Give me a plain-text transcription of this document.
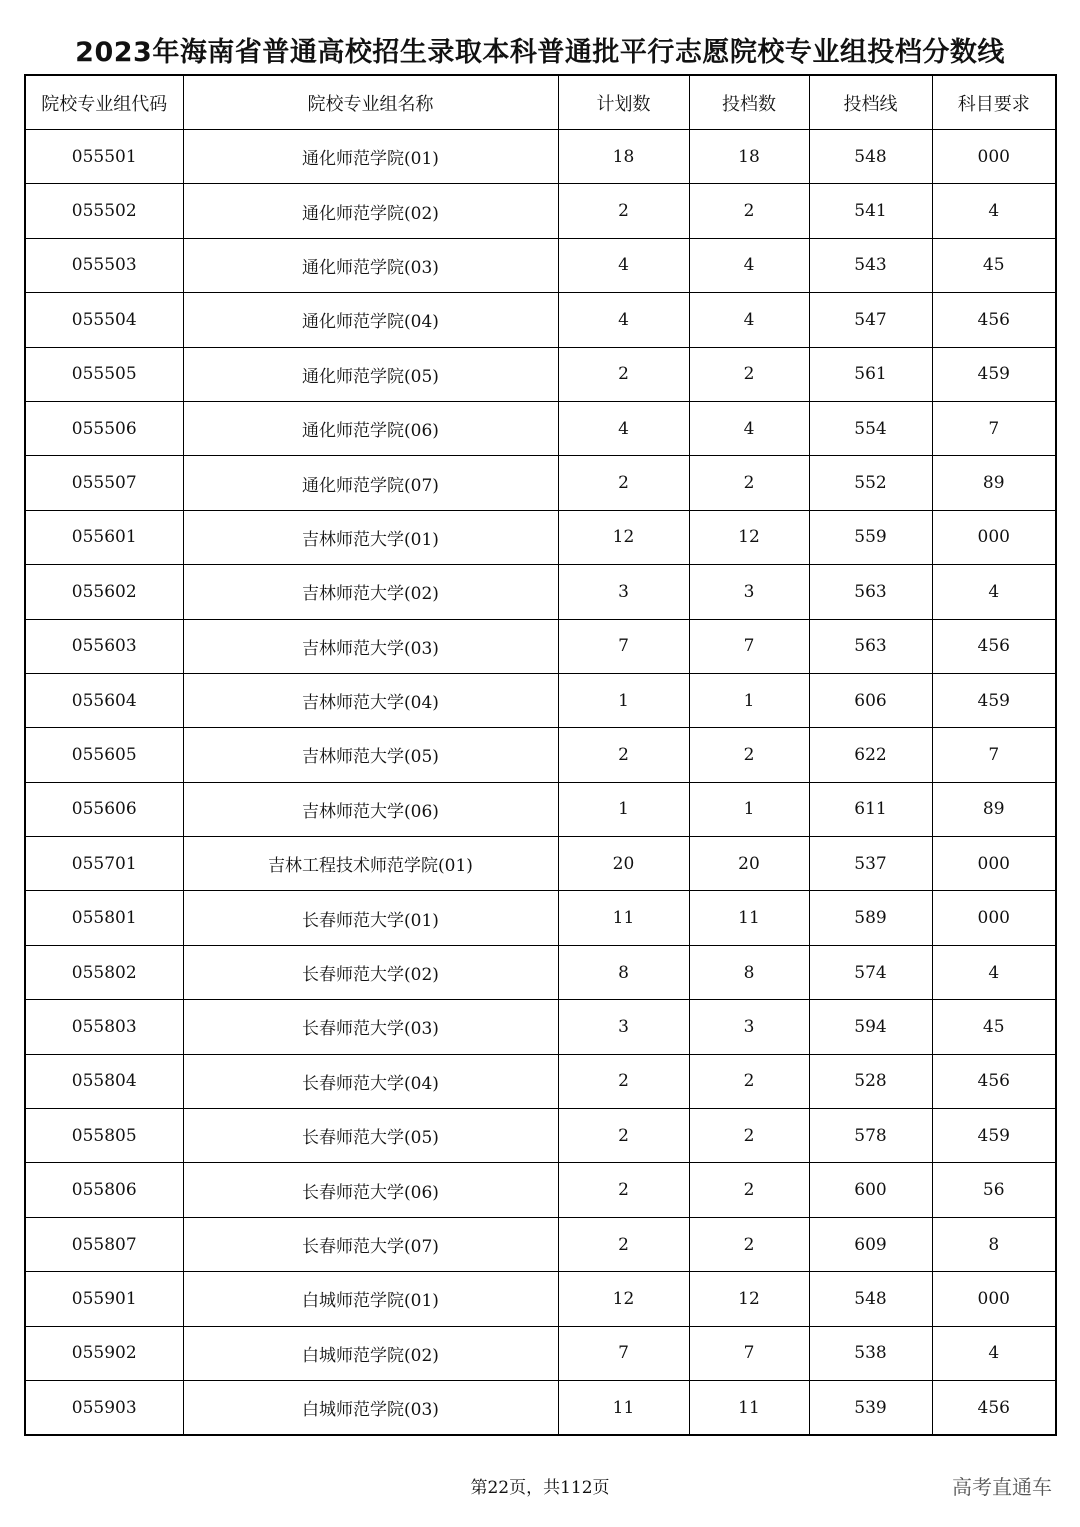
2023年海南省普通高校招生录取本科普通批平行志愿院校专业组投档分数线
院校专业组代码	院校专业组名称	计划数	投档数	投档线	科目要求
055501	通化师范学院(01)	18	18	548	000
055502	通化师范学院(02)	2	2	541	4
055503	通化师范学院(03)	4	4	543	45
055504	通化师范学院(04)	4	4	547	456
055505	通化师范学院(05)	2	2	561	459
055506	通化师范学院(06)	4	4	554	7
055507	通化师范学院(07)	2	2	552	89
055601	吉林师范大学(01)	12	12	559	000
055602	吉林师范大学(02)	3	3	563	4
055603	吉林师范大学(03)	7	7	563	456
055604	吉林师范大学(04)	1	1	606	459
055605	吉林师范大学(05)	2	2	622	7
055606	吉林师范大学(06)	1	1	611	89
055701	吉林工程技术师范学院(01)	20	20	537	000
055801	长春师范大学(01)	11	11	589	000
055802	长春师范大学(02)	8	8	574	4
055803	长春师范大学(03)	3	3	594	45
055804	长春师范大学(04)	2	2	528	456
055805	长春师范大学(05)	2	2	578	459
055806	长春师范大学(06)	2	2	600	56
055807	长春师范大学(07)	2	2	609	8
055901	白城师范学院(01)	12	12	548	000
055902	白城师范学院(02)	7	7	538	4
055903	白城师范学院(03)	11	11	539	456
第22页，共112页	高考直通车
